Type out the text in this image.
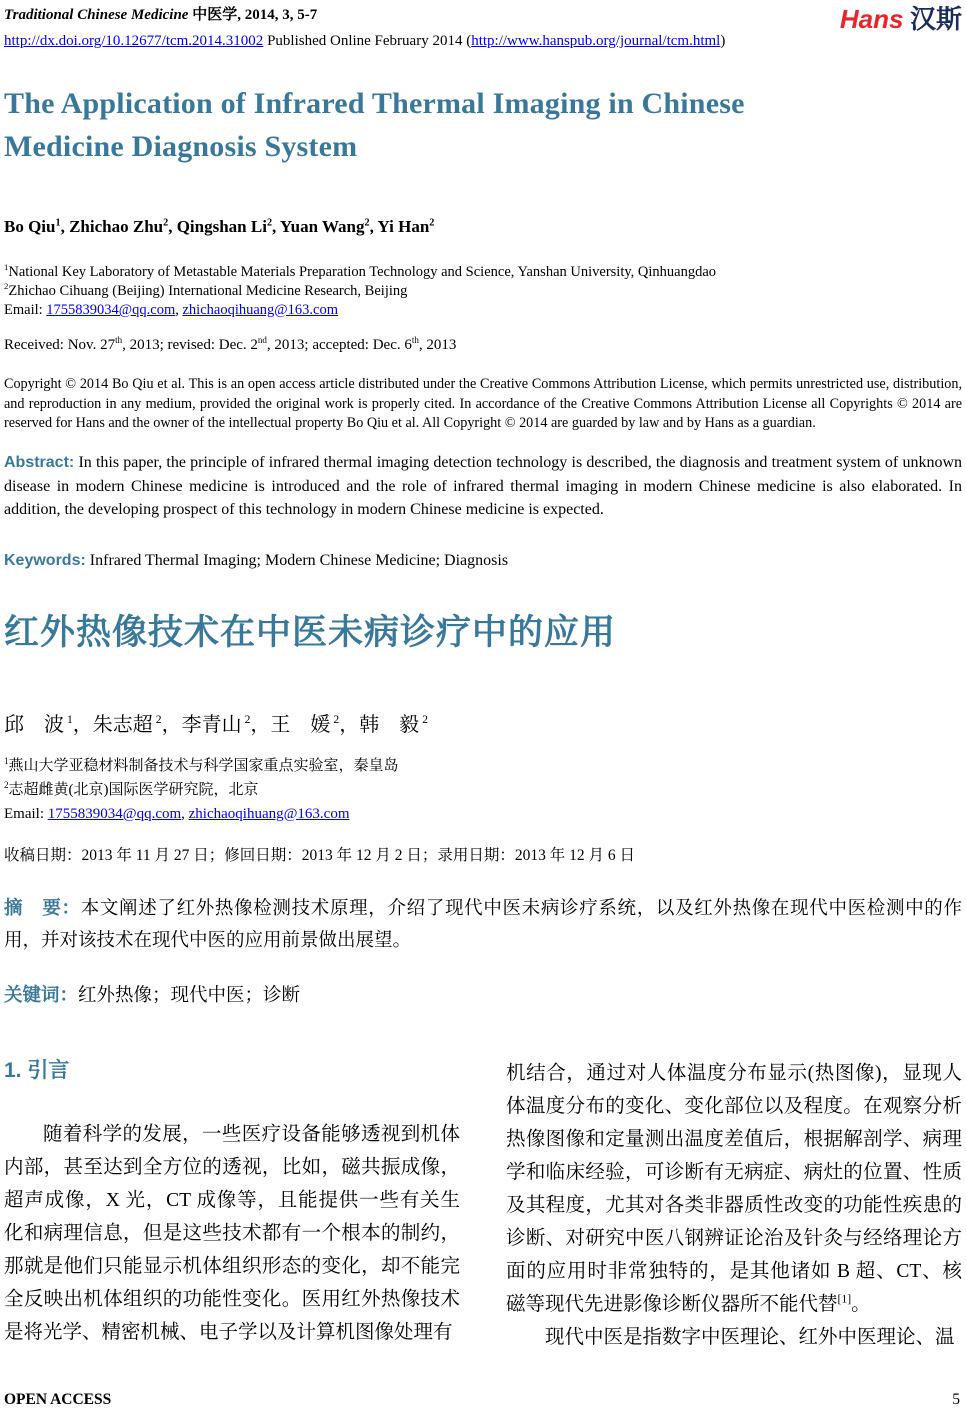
Traditional Chinese Medicine 中医学, 2014, 3, 5-7
http://dx.doi.org/10.12677/tcm.2014.31002 Published Online February 2014 (http://www.hanspub.org/journal/tcm.html)
Hans 汉斯
The Application of Infrared Thermal Imaging in Chinese
Medicine Diagnosis System
Bo Qiu$^1$, Zhichao Zhu$^2$, Qingshan Li$^2$, Yuan Wang$^2$, Yi Han$^2$
$^1$National Key Laboratory of Metastable Materials Preparation Technology and Science, Yanshan University, Qinhuangdao
$^2$Zhichao Cihuang (Beijing) International Medicine Research, Beijing
Email: 1755839034@qq.com, zhichaoqihuang@163.com
Received: Nov. 27th, 2013; revised: Dec. 2nd, 2013; accepted: Dec. 6th, 2013
Copyright © 2014 Bo Qiu et al. This is an open access article distributed under the Creative Commons Attribution License, which permits unrestricted use, distribution, and reproduction in any medium, provided the original work is properly cited. In accordance of the Creative Commons Attribution License all Copyrights © 2014 are reserved for Hans and the owner of the intellectual property Bo Qiu et al. All Copyright © 2014 are guarded by law and by Hans as a guardian.
Abstract: In this paper, the principle of infrared thermal imaging detection technology is described, the diagnosis and treatment system of unknown disease in modern Chinese medicine is introduced and the role of infrared thermal imaging in modern Chinese medicine is also elaborated. In addition, the developing prospect of this technology in modern Chinese medicine is expected.
Keywords: Infrared Thermal Imaging; Modern Chinese Medicine; Diagnosis
红外热像技术在中医未病诊疗中的应用
邱　波 $^1$，朱志超 $^2$，李青山 $^2$，王　媛 $^2$，韩　毅 $^2$
$^1$燕山大学亚稳材料制备技术与科学国家重点实验室，秦皇岛
$^2$志超雌黄(北京)国际医学研究院，北京
Email: 1755839034@qq.com, zhichaoqihuang@163.com
收稿日期：2013 年 11 月 27 日；修回日期：2013 年 12 月 2 日；录用日期：2013 年 12 月 6 日
摘　要：本文阐述了红外热像检测技术原理，介绍了现代中医未病诊疗系统，以及红外热像在现代中医检测中的作用，并对该技术在现代中医的应用前景做出展望。
关键词：红外热像；现代中医；诊断
1. 引言
随着科学的发展，一些医疗设备能够透视到机体内部，甚至达到全方位的透视，比如，磁共振成像，超声成像，X 光，CT 成像等，且能提供一些有关生化和病理信息，但是这些技术都有一个根本的制约，那就是他们只能显示机体组织形态的变化，却不能完全反映出机体组织的功能性变化。医用红外热像技术是将光学、精密机械、电子学以及计算机图像处理有
机结合，通过对人体温度分布显示(热图像)，显现人体温度分布的变化、变化部位以及程度。在观察分析热像图像和定量测出温度差值后，根据解剖学、病理学和临床经验，可诊断有无病症、病灶的位置、性质及其程度，尤其对各类非器质性改变的功能性疾患的诊断、对研究中医八钢辨证论治及针灸与经络理论方面的应用时非常独特的，是其他诸如 B 超、CT、核磁等现代先进影像诊断仪器所不能代替[1]。
现代中医是指数字中医理论、红外中医理论、温
OPEN ACCESS	5
